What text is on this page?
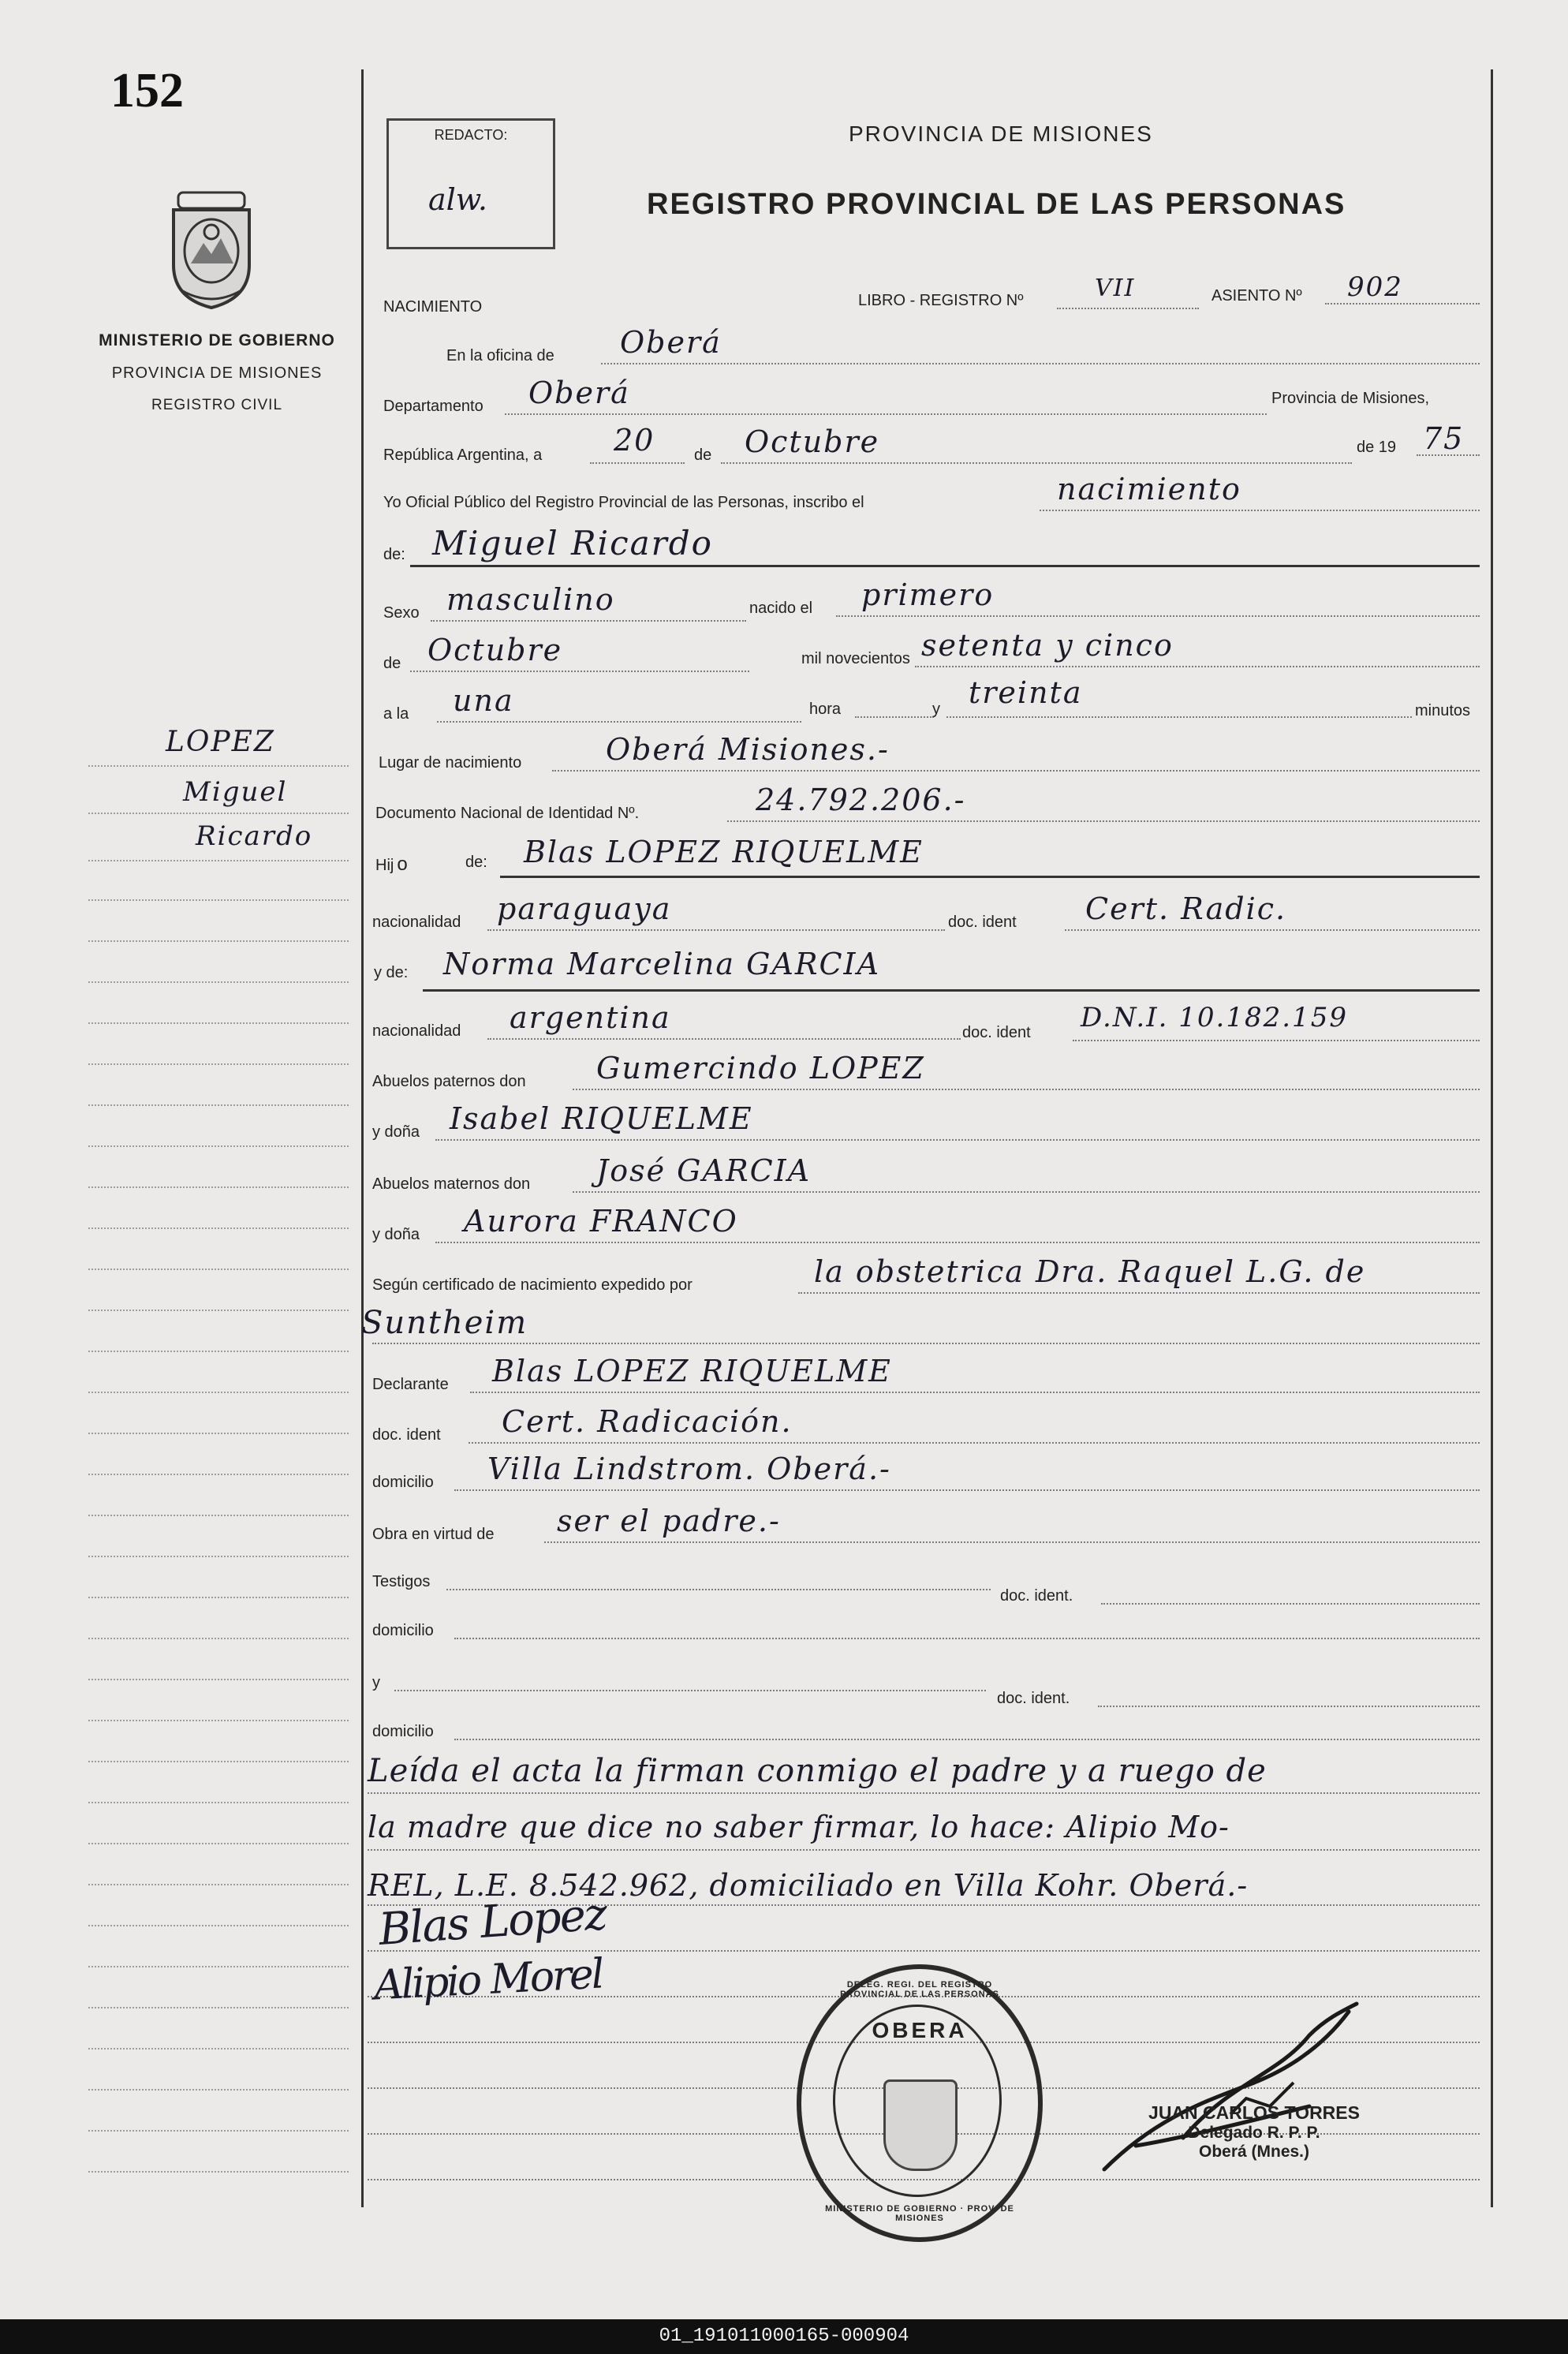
152
MINISTERIO DE GOBIERNO
PROVINCIA DE MISIONES
REGISTRO CIVIL
LOPEZ
Miguel
Ricardo
REDACTO:
alw.
PROVINCIA DE MISIONES
REGISTRO PROVINCIAL DE LAS PERSONAS
NACIMIENTO	LIBRO - REGISTRO Nº	VII	ASIENTO Nº 902
En la oficina de Oberá
Departamento Oberá	Provincia de Misiones,
República Argentina, a 20 de Octubre	de 19 75
Yo Oficial Público del Registro Provincial de las Personas, inscribo el	nacimiento
de: Miguel Ricardo
Sexo masculino	nacido el primero
de Octubre	mil novecientos setenta y cinco
a la una	hora	y treinta
minutos
Lugar de nacimiento	Oberá Misiones.-
Documento Nacional de Identidad Nº.	24.792.206.-
Hij o	de: Blas LOPEZ RIQUELME
nacionalidad paraguaya	doc. ident Cert. Radic.
y de: Norma Marcelina GARCIA
nacionalidad argentina	doc. ident D.N.I. 10.182.159
Abuelos paternos don Gumercindo LOPEZ
y doña Isabel RIQUELME
Abuelos maternos don José GARCIA
y doña Aurora FRANCO
Según certificado de nacimiento expedido por	la obstetrica Dra. Raquel L.G. de
Suntheim
Declarante Blas LOPEZ RIQUELME
doc. ident Cert. Radicación.
domicilio Villa Lindstrom. Oberá.-
Obra en virtud de ser el padre.-
Testigos
doc. ident.
domicilio
y
doc. ident.
domicilio
Leída el acta la firman conmigo el padre y a ruego de
la madre que dice no saber firmar, lo hace: Alipio Mo-
REL, L.E. 8.542.962, domiciliado en Villa Kohr. Oberá.-
Blas Lopez
Alipio Morel	DELEG. REGI. DEL REGISTRO PROVINCIAL DE LAS PERSONAS
OBERA
MINISTERIO DE GOBIERNO · PROV. DE MISIONES
JUAN CARLOS TORRES
Delegado R. P. P.
Oberá (Mnes.)
01_191011000165-000904
